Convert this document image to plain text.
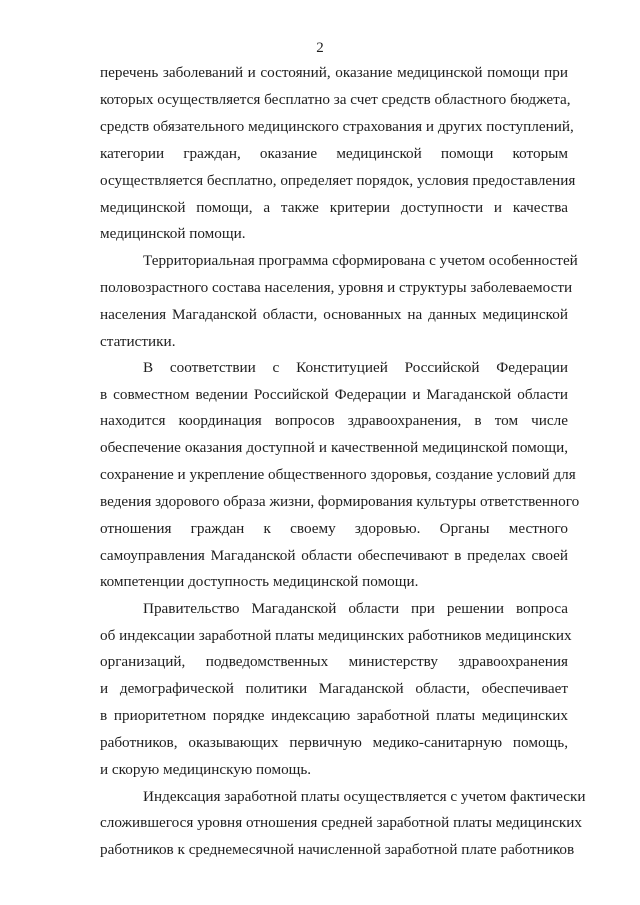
2
перечень заболеваний и состояний, оказание медицинской помощи при
которых осуществляется бесплатно за счет средств областного бюджета,
средств обязательного медицинского страхования и других поступлений,
категории граждан, оказание медицинской помощи которым
осуществляется бесплатно, определяет порядок, условия предоставления
медицинской помощи, а также критерии доступности и качества
медицинской помощи.
Территориальная программа сформирована с учетом особенностей
половозрастного состава населения, уровня и структуры заболеваемости
населения Магаданской области, основанных на данных медицинской
статистики.
В соответствии с Конституцией Российской Федерации
в совместном ведении Российской Федерации и Магаданской области
находится координация вопросов здравоохранения, в том числе
обеспечение оказания доступной и качественной медицинской помощи,
сохранение и укрепление общественного здоровья, создание условий для
ведения здорового образа жизни, формирования культуры ответственного
отношения граждан к своему здоровью. Органы местного
самоуправления Магаданской области обеспечивают в пределах своей
компетенции доступность медицинской помощи.
Правительство Магаданской области при решении вопроса
об индексации заработной платы медицинских работников медицинских
организаций, подведомственных министерству здравоохранения
и демографической политики Магаданской области, обеспечивает
в приоритетном порядке индексацию заработной платы медицинских
работников, оказывающих первичную медико-санитарную помощь,
и скорую медицинскую помощь.
Индексация заработной платы осуществляется с учетом фактически
сложившегося уровня отношения средней заработной платы медицинских
работников к среднемесячной начисленной заработной плате работников
